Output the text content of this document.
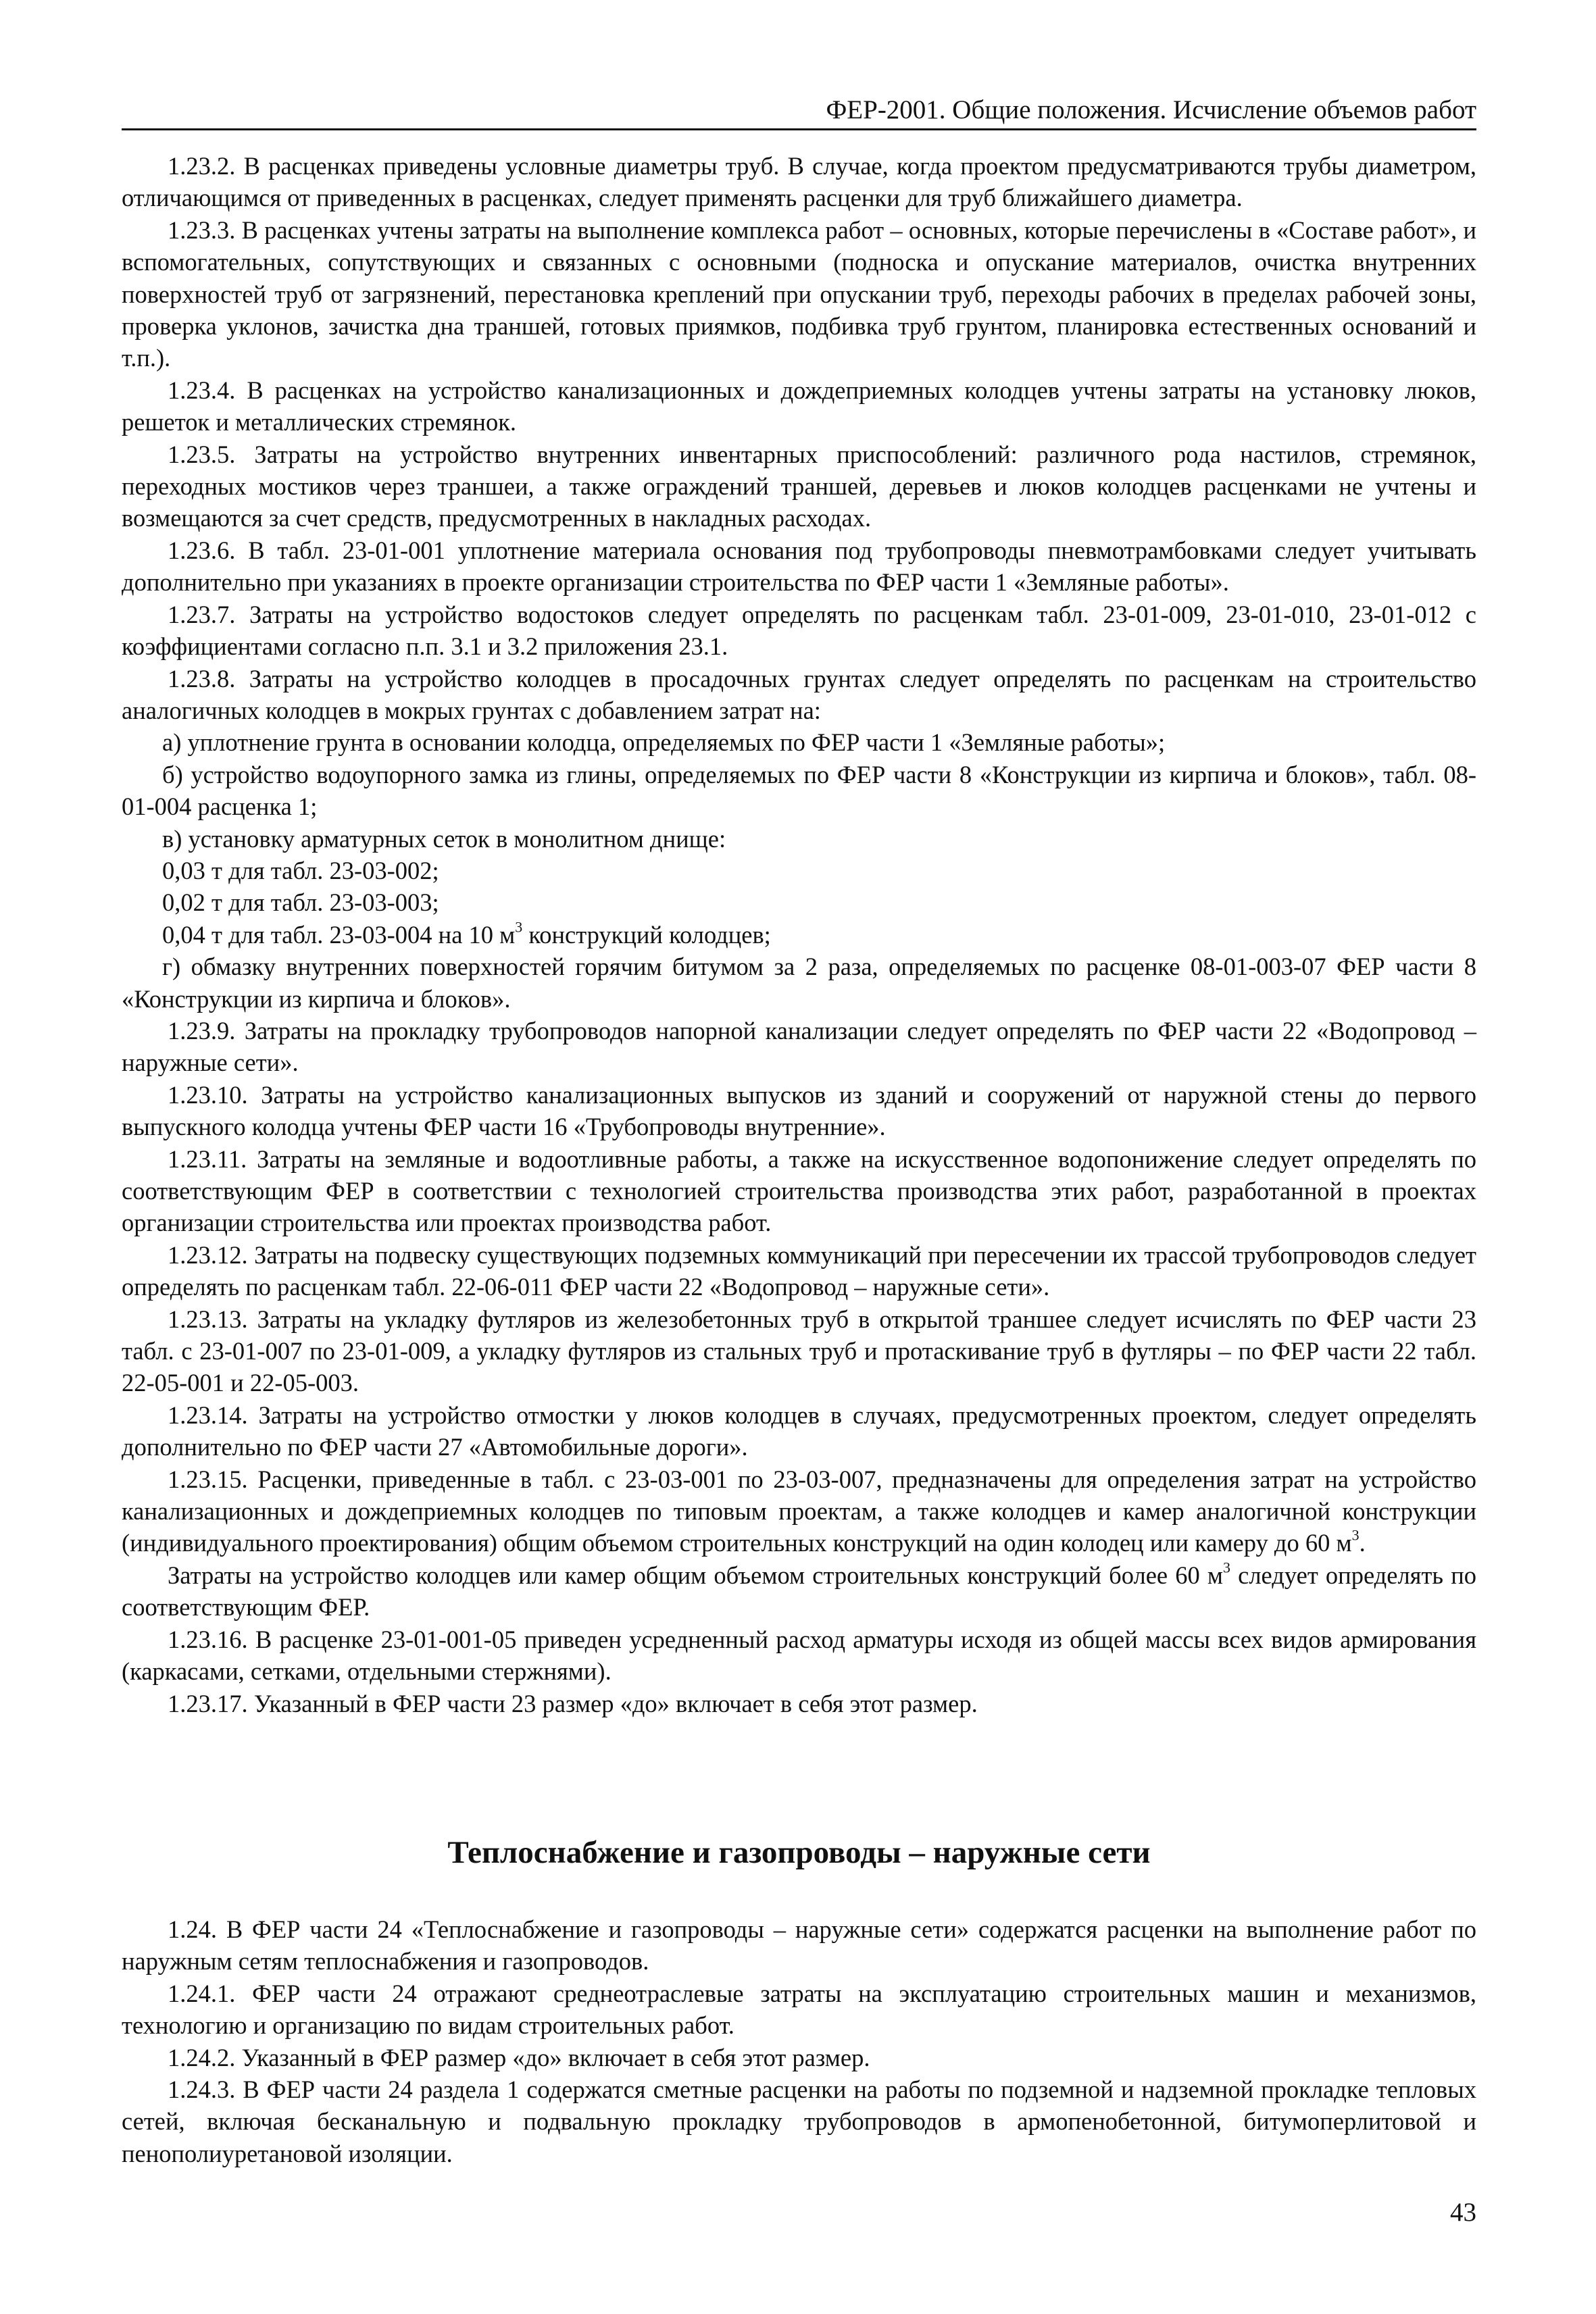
ФЕР-2001. Общие положения. Исчисление объемов работ

1.23.2. В расценках приведены условные диаметры труб. В случае, когда проектом предусматриваются трубы диаметром, отличающимся от приведенных в расценках, следует применять расценки для труб ближайшего диаметра.

1.23.3. В расценках учтены затраты на выполнение комплекса работ – основных, которые перечислены в «Составе работ», и вспомогательных, сопутствующих и связанных с основными (подноска и опускание материалов, очистка внутренних поверхностей труб от загрязнений, перестановка креплений при опускании труб, переходы рабочих в пределах рабочей зоны, проверка уклонов, зачистка дна траншей, готовых приямков, подбивка труб грунтом, планировка естественных оснований и т.п.).

1.23.4. В расценках на устройство канализационных и дождеприемных колодцев учтены затраты на установку люков, решеток и металлических стремянок.

1.23.5. Затраты на устройство внутренних инвентарных приспособлений: различного рода настилов, стремянок, переходных мостиков через траншеи, а также ограждений траншей, деревьев и люков колодцев расценками не учтены и возмещаются за счет средств, предусмотренных в накладных расходах.

1.23.6. В табл. 23-01-001 уплотнение материала основания под трубопроводы пневмотрамбовками следует учитывать дополнительно при указаниях в проекте организации строительства по ФЕР части 1 «Земляные работы».

1.23.7. Затраты на устройство водостоков следует определять по расценкам табл. 23-01-009, 23-01-010, 23-01-012 с коэффициентами согласно п.п. 3.1 и 3.2 приложения 23.1.

1.23.8. Затраты на устройство колодцев в просадочных грунтах следует определять по расценкам на строительство аналогичных колодцев в мокрых грунтах с добавлением затрат на:

а) уплотнение грунта в основании колодца, определяемых по ФЕР части 1 «Земляные работы»;

б) устройство водоупорного замка из глины, определяемых по ФЕР части 8 «Конструкции из кирпича и блоков», табл. 08-01-004 расценка 1;

в) установку арматурных сеток в монолитном днище:

0,03 т для табл. 23-03-002;

0,02 т для табл. 23-03-003;

0,04 т для табл. 23-03-004 на 10 $м^3$ конструкций колодцев;

г) обмазку внутренних поверхностей горячим битумом за 2 раза, определяемых по расценке 08-01-003-07 ФЕР части 8 «Конструкции из кирпича и блоков».

1.23.9. Затраты на прокладку трубопроводов напорной канализации следует определять по ФЕР части 22 «Водопровод – наружные сети».

1.23.10. Затраты на устройство канализационных выпусков из зданий и сооружений от наружной стены до первого выпускного колодца учтены ФЕР части 16 «Трубопроводы внутренние».

1.23.11. Затраты на земляные и водоотливные работы, а также на искусственное водопонижение следует определять по соответствующим ФЕР в соответствии с технологией строительства производства этих работ, разработанной в проектах организации строительства или проектах производства работ.

1.23.12. Затраты на подвеску существующих подземных коммуникаций при пересечении их трассой трубопроводов следует определять по расценкам табл. 22-06-011 ФЕР части 22 «Водопровод – наружные сети».

1.23.13. Затраты на укладку футляров из железобетонных труб в открытой траншее следует исчислять по ФЕР части 23 табл. с 23-01-007 по 23-01-009, а укладку футляров из стальных труб и протаскивание труб в футляры – по ФЕР части 22 табл. 22-05-001 и 22-05-003.

1.23.14. Затраты на устройство отмостки у люков колодцев в случаях, предусмотренных проектом, следует определять дополнительно по ФЕР части 27 «Автомобильные дороги».

1.23.15. Расценки, приведенные в табл. с 23-03-001 по 23-03-007, предназначены для определения затрат на устройство канализационных и дождеприемных колодцев по типовым проектам, а также колодцев и камер аналогичной конструкции (индивидуального проектирования) общим объемом строительных конструкций на один колодец или камеру до 60 $м^3$.

Затраты на устройство колодцев или камер общим объемом строительных конструкций более 60 $м^3$ следует определять по соответствующим ФЕР.

1.23.16. В расценке 23-01-001-05 приведен усредненный расход арматуры исходя из общей массы всех видов армирования (каркасами, сетками, отдельными стержнями).

1.23.17. Указанный в ФЕР части 23 размер «до» включает в себя этот размер.

Теплоснабжение и газопроводы – наружные сети

1.24. В ФЕР части 24 «Теплоснабжение и газопроводы – наружные сети» содержатся расценки на выполнение работ по наружным сетям теплоснабжения и газопроводов.

1.24.1. ФЕР части 24 отражают среднеотраслевые затраты на эксплуатацию строительных машин и механизмов, технологию и организацию по видам строительных работ.

1.24.2. Указанный в ФЕР размер «до» включает в себя этот размер.

1.24.3. В ФЕР части 24 раздела 1 содержатся сметные расценки на работы по подземной и надземной прокладке тепловых сетей, включая бесканальную и подвальную прокладку трубопроводов в армопенобетонной, битумоперлитовой и пенополиуретановой изоляции.

43
